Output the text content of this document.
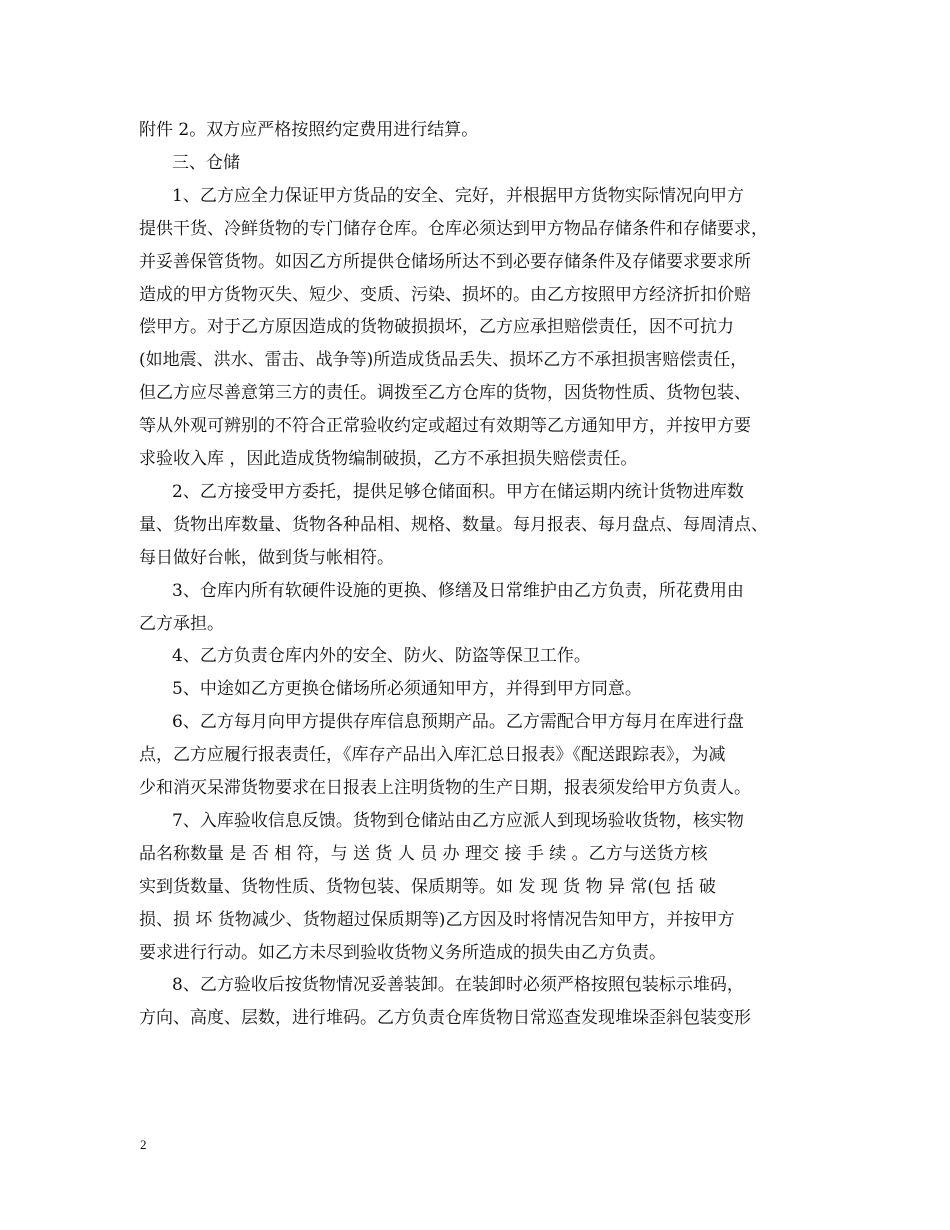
附件 2。双方应严格按照约定费用进行结算。
三、仓储
1、乙方应全力保证甲方货品的安全、完好，并根据甲方货物实际情况向甲方
提供干货、冷鲜货物的专门储存仓库。仓库必须达到甲方物品存储条件和存储要求，
并妥善保管货物。如因乙方所提供仓储场所达不到必要存储条件及存储要求要求所
造成的甲方货物灭失、短少、变质、污染、损坏的。由乙方按照甲方经济折扣价赔
偿甲方。对于乙方原因造成的货物破损损坏，乙方应承担赔偿责任，因不可抗力
(如地震、洪水、雷击、战争等)所造成货品丢失、损坏乙方不承担损害赔偿责任，
但乙方应尽善意第三方的责任。调拨至乙方仓库的货物，因货物性质、货物包装、
等从外观可辨别的不符合正常验收约定或超过有效期等乙方通知甲方，并按甲方要
求验收入库 ，因此造成货物编制破损，乙方不承担损失赔偿责任。
2、乙方接受甲方委托，提供足够仓储面积。甲方在储运期内统计货物进库数
量、货物出库数量、货物各种品相、规格、数量。每月报表、每月盘点、每周清点、
每日做好台帐，做到货与帐相符。
3、仓库内所有软硬件设施的更换、修缮及日常维护由乙方负责，所花费用由
乙方承担。
4、乙方负责仓库内外的安全、防火、防盗等保卫工作。
5、中途如乙方更换仓储场所必须通知甲方，并得到甲方同意。
6、乙方每月向甲方提供存库信息预期产品。乙方需配合甲方每月在库进行盘
点，乙方应履行报表责任，《库存产品出入库汇总日报表》《配送跟踪表》，为减
少和消灭呆滞货物要求在日报表上注明货物的生产日期，报表须发给甲方负责人。
7、入库验收信息反馈。货物到仓储站由乙方应派人到现场验收货物，核实物
品名称数量 是 否 相 符，与 送 货 人 员 办 理交 接 手 续 。乙方与送货方核
实到货数量、货物性质、货物包装、保质期等。如 发 现 货 物 异 常(包 括 破
损、损 坏 货物减少、货物超过保质期等)乙方因及时将情况告知甲方，并按甲方
要求进行行动。如乙方未尽到验收货物义务所造成的损失由乙方负责。
8、乙方验收后按货物情况妥善装卸。在装卸时必须严格按照包装标示堆码，
方向、高度、层数，进行堆码。乙方负责仓库货物日常巡查发现堆垛歪斜包装变形
2
